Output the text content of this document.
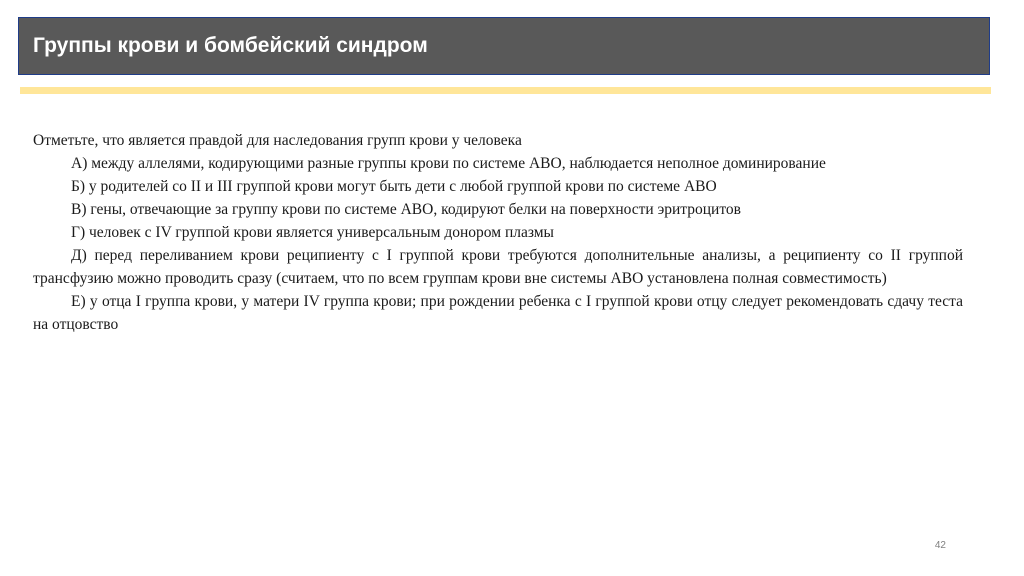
Группы крови и бомбейский синдром

Отметьте, что является правдой для наследования групп крови у человека

А) между аллелями, кодирующими разные группы крови по системе АВО, наблюдается неполное доминирование

Б) у родителей со II и III группой крови могут быть дети с любой группой крови по системе АВО

В) гены, отвечающие за группу крови по системе АВО, кодируют белки на поверхности эритроцитов

Г) человек с IV группой крови является универсальным донором плазмы

Д) перед переливанием крови реципиенту с I группой крови требуются дополнительные анализы, а реципиенту со II группой трансфузию можно проводить сразу (считаем, что по всем группам крови вне системы АВО установлена полная совместимость)

Е) у отца I группа крови, у матери IV группа крови; при рождении ребенка с I группой крови отцу следует рекомендовать сдачу теста на отцовство

42
